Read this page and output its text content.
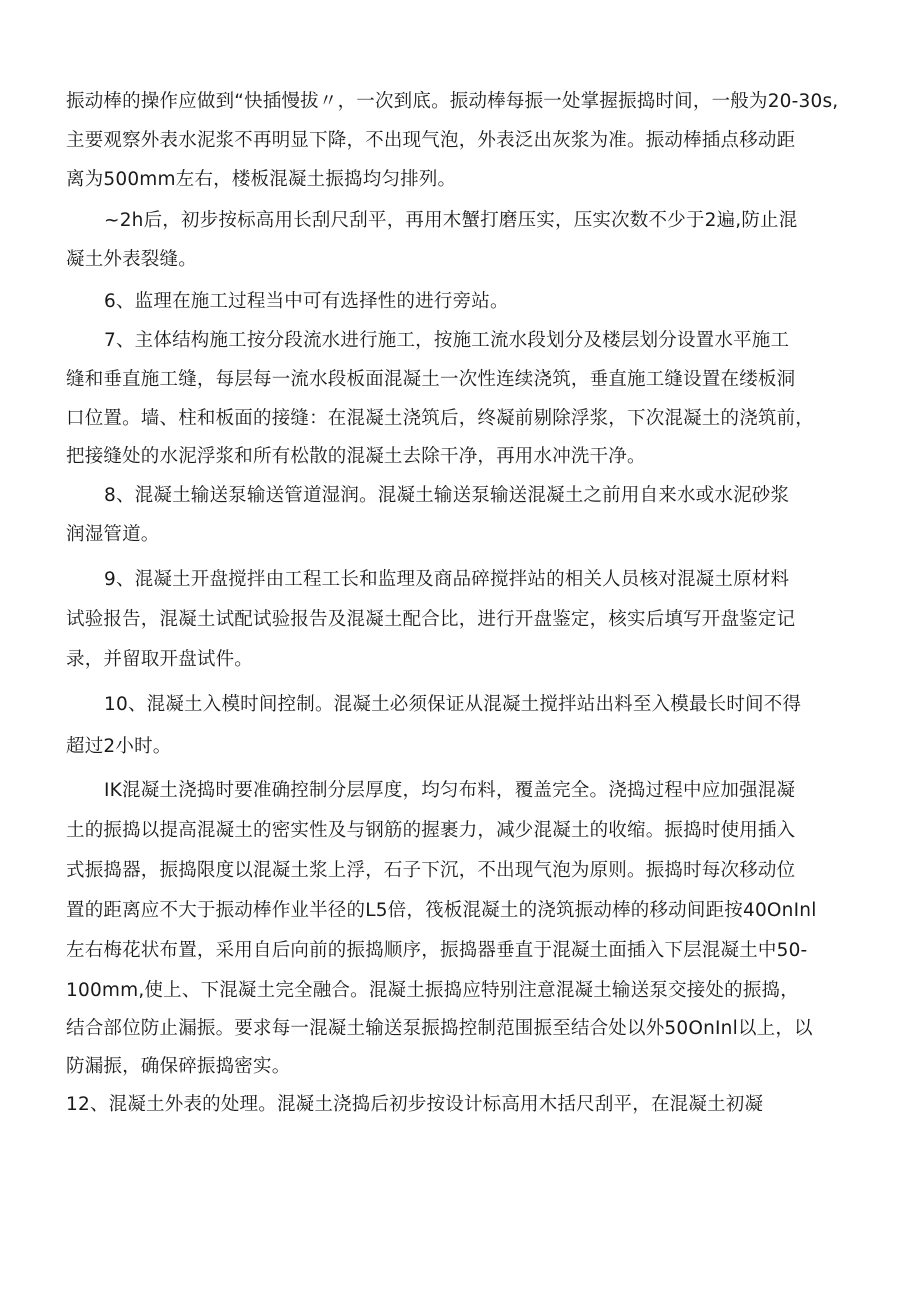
振动棒的操作应做到“快插慢拔〃，一次到底。振动棒每振一处掌握振捣时间，一般为20-30s,
主要观察外表水泥浆不再明显下降，不出现气泡，外表泛出灰浆为准。振动棒插点移动距
离为500mm左右，楼板混凝土振捣均匀排列。
~2h后，初步按标高用长刮尺刮平，再用木蟹打磨压实，压实次数不少于2遍,防止混
凝土外表裂缝。
6、监理在施工过程当中可有选择性的进行旁站。
7、主体结构施工按分段流水进行施工，按施工流水段划分及楼层划分设置水平施工
缝和垂直施工缝，每层每一流水段板面混凝土一次性连续浇筑，垂直施工缝设置在缕板洞
口位置。墙、柱和板面的接缝：在混凝土浇筑后，终凝前剔除浮浆，下次混凝土的浇筑前，
把接缝处的水泥浮浆和所有松散的混凝土去除干净，再用水冲洗干净。
8、混凝土输送泵输送管道湿润。混凝土输送泵输送混凝土之前用自来水或水泥砂浆
润湿管道。
9、混凝土开盘搅拌由工程工长和监理及商品碎搅拌站的相关人员核对混凝土原材料
试验报告，混凝土试配试验报告及混凝土配合比，进行开盘鉴定，核实后填写开盘鉴定记
录，并留取开盘试件。
10、混凝土入模时间控制。混凝土必须保证从混凝土搅拌站出料至入模最长时间不得
超过2小时。
IK混凝土浇捣时要准确控制分层厚度，均匀布料，覆盖完全。浇捣过程中应加强混凝
土的振捣以提高混凝土的密实性及与钢筋的握裹力，减少混凝土的收缩。振捣时使用插入
式振捣器，振捣限度以混凝土浆上浮，石子下沉，不出现气泡为原则。振捣时每次移动位
置的距离应不大于振动棒作业半径的L5倍，筏板混凝土的浇筑振动棒的移动间距按40OnInl
左右梅花状布置，采用自后向前的振捣顺序，振捣器垂直于混凝土面插入下层混凝土中50-
100mm,使上、下混凝土完全融合。混凝土振捣应特别注意混凝土输送泵交接处的振捣，
结合部位防止漏振。要求每一混凝土输送泵振捣控制范围振至结合处以外50OnInl以上，以
防漏振，确保碎振捣密实。
12、混凝土外表的处理。混凝土浇捣后初步按设计标高用木括尺刮平，在混凝土初凝
